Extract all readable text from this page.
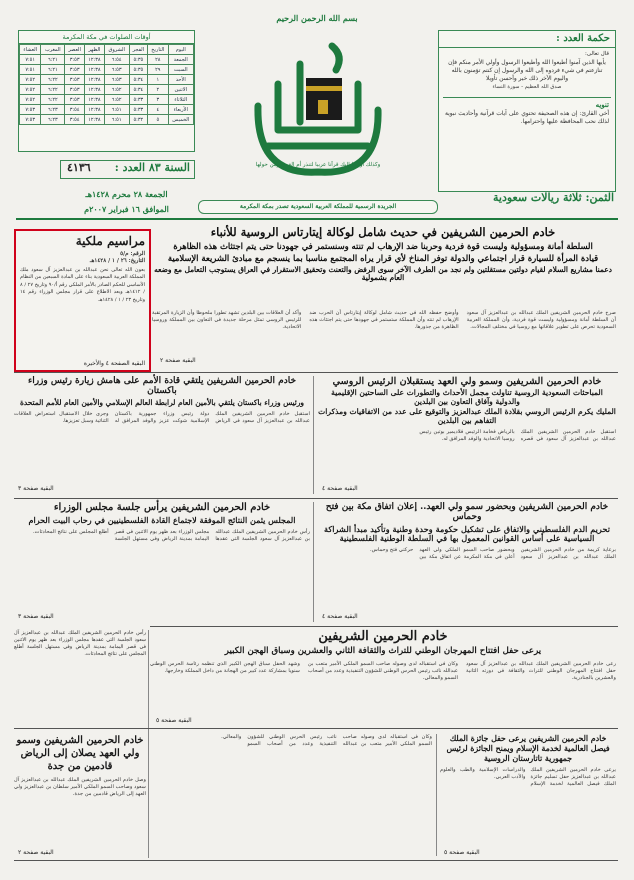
بسم الله الرحمن الرحيم
أوقات الصلوات في مكة المكرمة
اليوم	التاريخ	الفجر	الشروق	الظهر	العصر	المغرب	العشاء
الجمعة	٢٨	٥:٣٥	٦:٥٤	١٢:٣٨	٣:٥٣	٦:٢١	٧:٥١
السبت	٢٩	٥:٣٥	٦:٥٣	١٢:٣٨	٣:٥٣	٦:٢١	٧:٥١
الأحد	١	٥:٣٤	٦:٥٣	١٢:٣٨	٣:٥٣	٦:٢٢	٧:٥٢
الاثنين	٢	٥:٣٤	٦:٥٢	١٢:٣٨	٣:٥٣	٦:٢٢	٧:٥٢
الثلاثاء	٣	٥:٣٣	٦:٥٢	١٢:٣٨	٣:٥٣	٦:٢٢	٧:٥٢
الأربعاء	٤	٥:٣٣	٦:٥١	١٢:٣٨	٣:٥٤	٦:٢٣	٧:٥٣
الخميس	٥	٥:٣٢	٦:٥١	١٢:٣٨	٣:٥٤	٦:٢٣	٧:٥٣
السنة ٨٣ العدد :
٤١٣٦
الجمعة ٢٨ محرم ١٤٢٨هـ
الموافق ١٦ فبراير ٢٠٠٧م
وكذلك أوحينا إليك قرآنا عربيا لتنذر أم القرى ومن حولها
الجريدة الرسمية للمملكة العربية السعودية تصدر بمكة المكرمة
حكمة العدد :
قال تعالى:
يأيها الذين آمنوا أطيعوا الله وأطيعوا الرسول وأولي الأمر منكم فإن تنازعتم في شيء فردوه إلى الله والرسول إن كنتم تؤمنون بالله واليوم الآخر ذلك خير وأحسن تأويلا
صدق الله العظيم - سورة النساء
تنويه
أخي القارئ: إن هذه الصحيفة تحتوي على آيات قرآنية وأحاديث نبوية لذلك نحب المحافظة عليها واحترامها.
الثمن: ثلاثة ريالات سعودية
مراسيم ملكية
الرقم: م/٥
التاريخ: ٢٦ / ١ / ١٤٢٨هـ
بعون الله تعالى نحن عبدالله بن عبدالعزيز آل سعود ملك المملكة العربية السعودية بناء على المادة السبعين من النظام الأساسي للحكم الصادر بالأمر الملكي رقم أ/٩٠ وتاريخ ٢٧ / ٨ / ١٤١٢هـ وبعد الاطلاع على قرار مجلس الوزراء رقم ١٤ وتاريخ ٢٣ / ١ / ١٤٢٨هـ
البقية الصفحة ٤ والأخيرة
خادم الحرمين الشريفين في حديث شامل لوكالة إيتارتاس الروسية للأنباء
السلطة أمانة ومسؤولية وليست قوة فردية وحربنا ضد الإرهاب لم تنته وسنستمر في جهودنا حتى يتم اجتثاث هذه الظاهرة
قيادة المرأة للسيارة قرار اجتماعي والدولة توفر المناخ لأي قرار يراه المجتمع مناسبا بما ينسجم مع مبادئ الشريعة الإسلامية
دعمنا مشاريع السلام لقيام دولتين مستقلتين ولم نجد من الطرف الآخر سوى الرفض والتعنت وتحقيق الاستقرار في العراق يستوجب التعامل مع وضعه العام بشمولية
صرح خادم الحرمين الشريفين الملك عبدالله بن عبدالعزيز آل سعود أن السلطة أمانة ومسؤولية وليست قوة فردية، وأن المملكة العربية السعودية تحرص على تطوير علاقاتها مع روسيا في مختلف المجالات.
وأوضح حفظه الله في حديث شامل لوكالة إيتارتاس أن الحرب ضد الإرهاب لم تنته وأن المملكة ستستمر في جهودها حتى يتم اجتثاث هذه الظاهرة من جذورها.
وأكد أن العلاقات بين البلدين تشهد تطورا ملحوظا وأن الزيارة المرتقبة للرئيس الروسي تمثل مرحلة جديدة في التعاون بين المملكة وروسيا الاتحادية.
البقية صفحة ٢
خادم الحرمين الشريفين يلتقي قادة الأمم على هامش زيارة رئيس وزراء باكستان
ورئيس وزراء باكستان يلتقي بالأمين العام لرابطة العالم الإسلامي والأمين العام للأمم المتحدة
استقبل خادم الحرمين الشريفين الملك عبدالله بن عبدالعزيز آل سعود في الرياض دولة رئيس وزراء جمهورية باكستان الإسلامية شوكت عزيز والوفد المرافق له وجرى خلال الاستقبال استعراض العلاقات الثنائية وسبل تعزيزها.
البقية صفحة ٣
خادم الحرمين الشريفين وسمو ولي العهد يستقبلان الرئيس الروسي
المباحثات السعودية الروسية تناولت مجمل الأحداث والتطورات على الساحتين الإقليمية والدولية وآفاق التعاون بين البلدين
المليك يكرم الرئيس الروسي بقلادة الملك عبدالعزيز والتوقيع على عدد من الاتفاقيات ومذكرات التفاهم بين البلدين
استقبل خادم الحرمين الشريفين الملك عبدالله بن عبدالعزيز آل سعود في قصره بالرياض فخامة الرئيس فلاديمير بوتين رئيس روسيا الاتحادية والوفد المرافق له.
البقية صفحة ٤
خادم الحرمين الشريفين يرأس جلسة مجلس الوزراء
المجلس يثمن النتائج الموفقة لاجتماع القادة الفلسطينيين في رحاب البيت الحرام
رأس خادم الحرمين الشريفين الملك عبدالله بن عبدالعزيز آل سعود الجلسة التي عقدها مجلس الوزراء بعد ظهر يوم الاثنين في قصر اليمامة بمدينة الرياض وفي مستهل الجلسة أطلع المجلس على نتائج المحادثات.
البقية صفحة ٣
خادم الحرمين الشريفين وبحضور سمو ولي العهد.. إعلان اتفاق مكة بين فتح وحماس
تحريم الدم الفلسطيني والاتفاق على تشكيل حكومة وحدة وطنية وتأكيد مبدأ الشراكة السياسية على أساس القوانين المعمول بها في السلطة الوطنية الفلسطينية
برعاية كريمة من خادم الحرمين الشريفين الملك عبدالله بن عبدالعزيز آل سعود وبحضور صاحب السمو الملكي ولي العهد أعلن في مكة المكرمة عن اتفاق مكة بين حركتي فتح وحماس.
البقية صفحة ٤
خادم الحرمين الشريفين
يرعى حفل افتتاح المهرجان الوطني للتراث والثقافة الثاني والعشرين وسباق الهجن الكبير
رعى خادم الحرمين الشريفين الملك عبدالله بن عبدالعزيز آل سعود حفل افتتاح المهرجان الوطني للتراث والثقافة في دورته الثانية والعشرين بالجنادرية.
وكان في استقباله لدى وصوله صاحب السمو الملكي الأمير متعب بن عبدالله نائب رئيس الحرس الوطني للشؤون التنفيذية وعدد من أصحاب السمو والمعالي.
وشهد الحفل سباق الهجن الكبير الذي تنظمه رئاسة الحرس الوطني سنويا بمشاركة عدد كبير من الهجانة من داخل المملكة وخارجها.
البقية صفحة ٥
رأس خادم الحرمين الشريفين الملك عبدالله بن عبدالعزيز آل سعود الجلسة التي عقدها مجلس الوزراء بعد ظهر يوم الاثنين في قصر اليمامة بمدينة الرياض وفي مستهل الجلسة أطلع المجلس على نتائج المحادثات.
خادم الحرمين الشريفين وسمو ولي العهد يصلان إلى الرياض قادمين من جدة
وصل خادم الحرمين الشريفين الملك عبدالله بن عبدالعزيز آل سعود وصاحب السمو الملكي الأمير سلطان بن عبدالعزيز ولي العهد إلى الرياض قادمين من جدة.
البقية صفحة ٢
وكان في استقباله لدى وصوله صاحب السمو الملكي الأمير متعب بن عبدالله نائب رئيس الحرس الوطني للشؤون التنفيذية وعدد من أصحاب السمو والمعالي.	خادم الحرمين الشريفين يرعى حفل جائزة الملك فيصل العالمية لخدمة الإسلام ويمنح الجائزة لرئيس جمهورية تاتارستان الروسية
يرعى خادم الحرمين الشريفين الملك عبدالله بن عبدالعزيز حفل تسليم جائزة الملك فيصل العالمية لخدمة الإسلام والدراسات الإسلامية والطب والعلوم والأدب العربي.
البقية صفحة ٥
